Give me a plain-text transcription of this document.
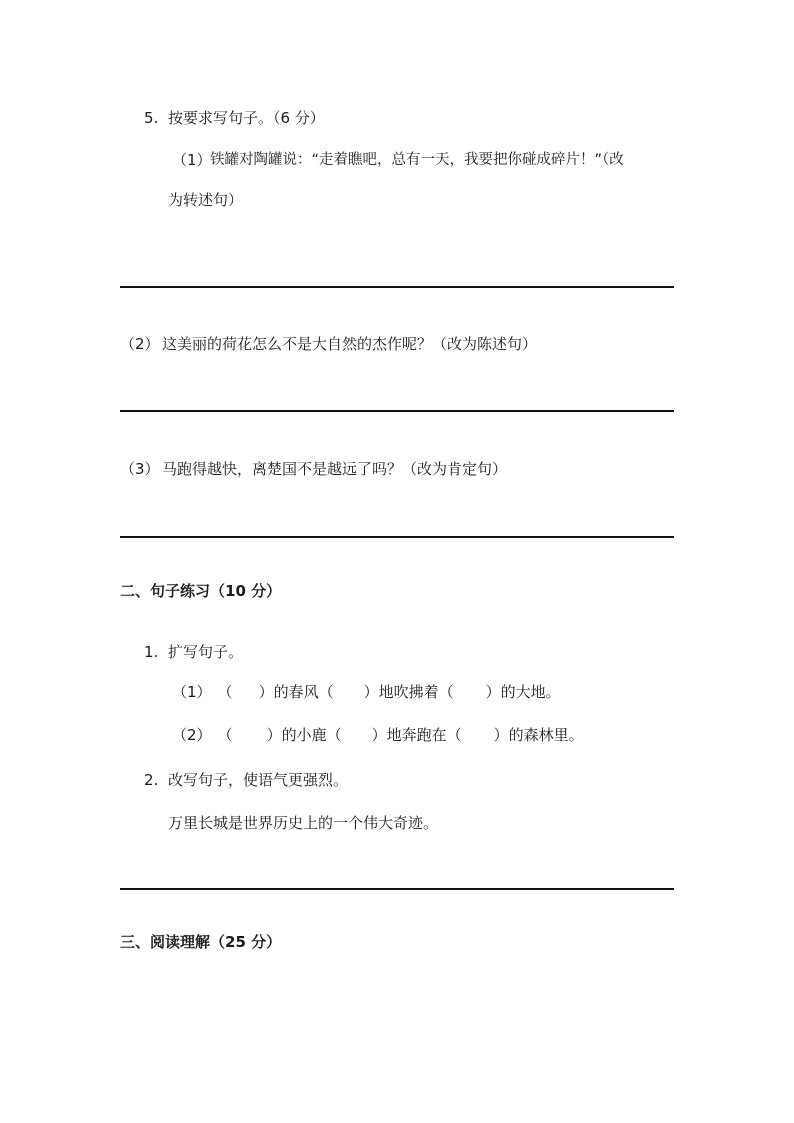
5. 按要求写句子。（6 分）
（1）
铁罐对陶罐说：“走着瞧吧，总有一天，我要把你碰成碎片！”（改
为转述句）
（2） 这美丽的荷花怎么不是大自然的杰作呢？（改为陈述句）
（3） 马跑得越快，离楚国不是越远了吗？（改为肯定句）
二、句子练习（10 分）
1. 扩写句子。
（1） （ ）的春风（ ）地吹拂着（ ）的大地。
（2） （ ）的小鹿（ ）地奔跑在（ ）的森林里。
2. 改写句子，使语气更强烈。
万里长城是世界历史上的一个伟大奇迹。
三、阅读理解（25 分）
